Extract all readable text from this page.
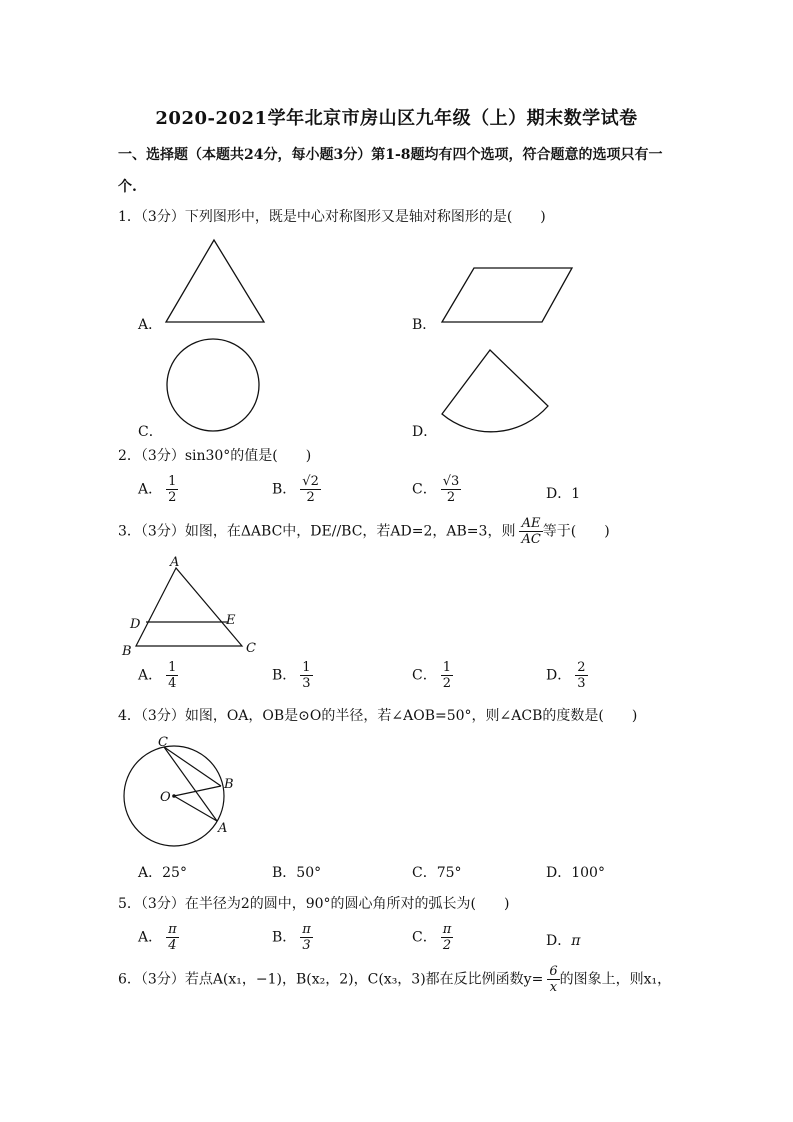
2020-2021学年北京市房山区九年级（上）期末数学试卷
一、选择题（本题共24分，每小题3分）第1-8题均有四个选项，符合题意的选项只有一
个.
1．（3分）下列图形中，既是中心对称图形又是轴对称图形的是(　　)
A．	B．
C．	D．
2．（3分）sin30°的值是(　　)
A． $\frac{1}{2}$	B． $\frac{√2}{2}$	C． $\frac{√3}{2}$	D．1
3．（3分）如图，在ΔABC中，DE//BC，若AD=2，AB=3，则 $\frac{AE}{AC}$ 等于(　　)
A
D	E
B	C
A． $\frac{1}{4}$	B． $\frac{1}{3}$	C． $\frac{1}{2}$	D． $\frac{2}{3}$
4．（3分）如图，OA，OB是⊙O的半径，若∠AOB=50°，则∠ACB的度数是(　　)
C
B
A
O
A．25°	B．50°	C．75°	D．100°
5．（3分）在半径为2的圆中，90°的圆心角所对的弧长为(　　)
A． $\frac{\pi}{4}$	B． $\frac{\pi}{3}$	C． $\frac{\pi}{2}$	D．π
6．（3分）若点A(x₁，−1)，B(x₂，2)，C(x₃，3)都在反比例函数$y= \frac{6}{x}$ 的图象上，则x₁，
